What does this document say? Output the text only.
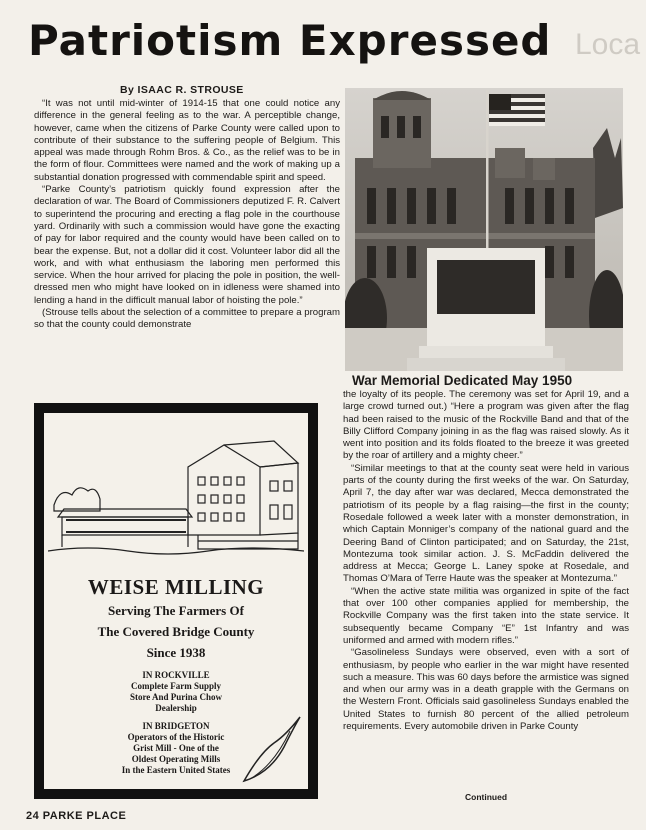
Loca
Patriotism Expressed
By ISAAC R. STROUSE

“It was not until mid-winter of 1914-15 that one could notice any difference in the general feeling as to the war. A perceptible change, however, came when the citizens of Parke County were called upon to contribute of their substance to the suffering people of Belgium. This appeal was made through Rohm Bros. & Co., as the relief was to be in the form of flour. Committees were named and the work of making up a substantial donation progressed with commendable spirit and speed.

“Parke County’s patriotism quickly found expression after the declaration of war. The Board of Commissioners deputized F. R. Calvert to superintend the procuring and erecting a flag pole in the courthouse yard. Ordinarily with such a commission would have gone the exacting of pay for labor required and the county would have been called on to bear the expense. But, not a dollar did it cost. Volunteer labor did all the work, and with what enthusiasm the laboring men performed this service. When the hour arrived for placing the pole in position, the well-dressed men who might have looked on in idleness were shamed into lending a hand in the difficult manual labor of hoisting the pole.”

(Strouse tells about the selection of a committee to prepare a program so that the county could demonstrate

War Memorial Dedicated May 1950

the loyalty of its people. The ceremony was set for April 19, and a large crowd turned out.) “Here a program was given after the flag had been raised to the music of the Rockville Band and that of the Billy Clifford Company joining in as the flag was raised slowly. As it went into position and its folds floated to the breeze it was greeted by the roar of artillery and a mighty cheer.”

“Similar meetings to that at the county seat were held in various parts of the county during the first weeks of the war. On Saturday, April 7, the day after war was declared, Mecca demonstrated the patriotism of its people by a flag raising—the first in the county; Rosedale followed a week later with a monster demonstration, in which Captain Monniger’s company of the national guard and the Deering Band of Clinton participated; and on Saturday, the 21st, Montezuma took similar action. J. S. McFaddin delivered the address at Mecca; George L. Laney spoke at Rosedale, and Thomas O’Mara of Terre Haute was the speaker at Montezuma.”

“When the active state militia was organized in spite of the fact that over 100 other companies applied for membership, the Rockville Company was the first taken into the state service. It subsequently became Company “E” 1st Infantry and was uniformed and armed with modern rifles.”

“Gasolineless Sundays were observed, even with a sort of enthusiasm, by people who earlier in the war might have resented such a measure. This was 60 days before the armistice was signed and when our army was in a death grapple with the Germans on the Western Front. Officials said gasolineless Sundays enabled the United States to furnish 80 percent of the allied petroleum requirements. Every automobile driven in Parke County

Continued
WEISE MILLING
Serving The Farmers Of
The Covered Bridge County
Since 1938
IN ROCKVILLE
Complete Farm Supply
Store And Purina Chow
Dealership
IN BRIDGETON
Operators of the Historic
Grist Mill - One of the
Oldest Operating Mills
In the Eastern United States
24 PARKE PLACE
